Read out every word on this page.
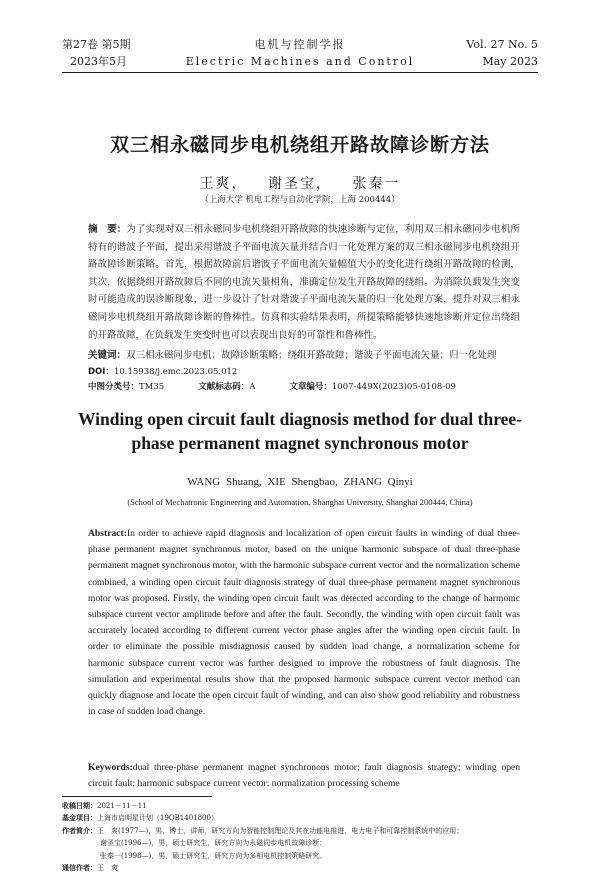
第27卷 第5期
2023年5月
电机与控制学报
Electric Machines and Control
Vol. 27 No. 5
May 2023
双三相永磁同步电机绕组开路故障诊断方法
王爽， 谢圣宝， 张秦一
（上海大学 机电工程与自动化学院，上海 200444）
摘　要：为了实现对双三相永磁同步电机绕组开路故障的快速诊断与定位，利用双三相永磁同步电机所特有的谐波子平面，提出采用谐波子平面电流矢量并结合归一化处理方案的双三相永磁同步电机绕组开路故障诊断策略。首先，根据故障前后谐波子平面电流矢量幅值大小的变化进行绕组开路故障的检测，其次，依据绕组开路故障后不同的电流矢量相角，准确定位发生开路故障的绕组。为消除负载发生突变时可能造成的误诊断现象，进一步设计了针对谐波子平面电流矢量的归一化处理方案，提升对双三相永磁同步电机绕组开路故障诊断的鲁棒性。仿真和实验结果表明，所提策略能够快速地诊断并定位出绕组的开路故障，在负载发生突变时也可以表现出良好的可靠性和鲁棒性。
关键词：双三相永磁同步电机；故障诊断策略；绕组开路故障；谐波子平面电流矢量；归一化处理
DOI：10.15938/j.emc.2023.05.012
中图分类号：TM35	文献标志码：A	文章编号：1007-449X(2023)05-0108-09
Winding open circuit fault diagnosis method for dual three-phase permanent magnet synchronous motor
WANG Shuang, XIE Shengbao, ZHANG Qinyi
(School of Mechatronic Engineering and Automation, Shanghai University, Shanghai 200444, China)
Abstract:In order to achieve rapid diagnosis and localization of open circuit faults in winding of dual three-phase permanent magnet synchronous motor, based on the unique harmonic subspace of dual three-phase permanent magnet synchronous motor, with the harmonic subspace current vector and the normalization scheme combined, a winding open circuit fault diagnosis strategy of dual three-phase permanent magnet synchronous motor was proposed. Firstly, the winding open circuit fault was detected according to the change of harmonic subspace current vector amplitude before and after the fault. Secondly, the winding with open circuit fault was accurately located according to different current vector phase angles after the winding open circuit fault. In order to eliminate the possible misdiagnosis caused by sudden load change, a normalization scheme for harmonic subspace current vector was further designed to improve the robustness of fault diagnosis. The simulation and experimental results show that the proposed harmonic subspace current vector method can quickly diagnose and locate the open circuit fault of winding, and can also show good reliability and robustness in case of sudden load change.
Keywords:dual three-phase permanent magnet synchronous motor; fault diagnosis strategy; winding open circuit fault; harmonic subspace current vector; normalization processing scheme
收稿日期：2021－11－11
基金项目：上海市启明星计划（19QB1401800）
作者简介：王　爽(1977—)，男，博士，讲师，研究方向为智能控制理论及其在功能电推进、电力电子和可靠控制系统中的应用；
谢圣宝(1996—)，男，硕士研究生，研究方向为永磁同步电机故障诊断；
张秦一(1998—)，男，硕士研究生，研究方向为多相电机控制策略研究。
通信作者：王　爽
